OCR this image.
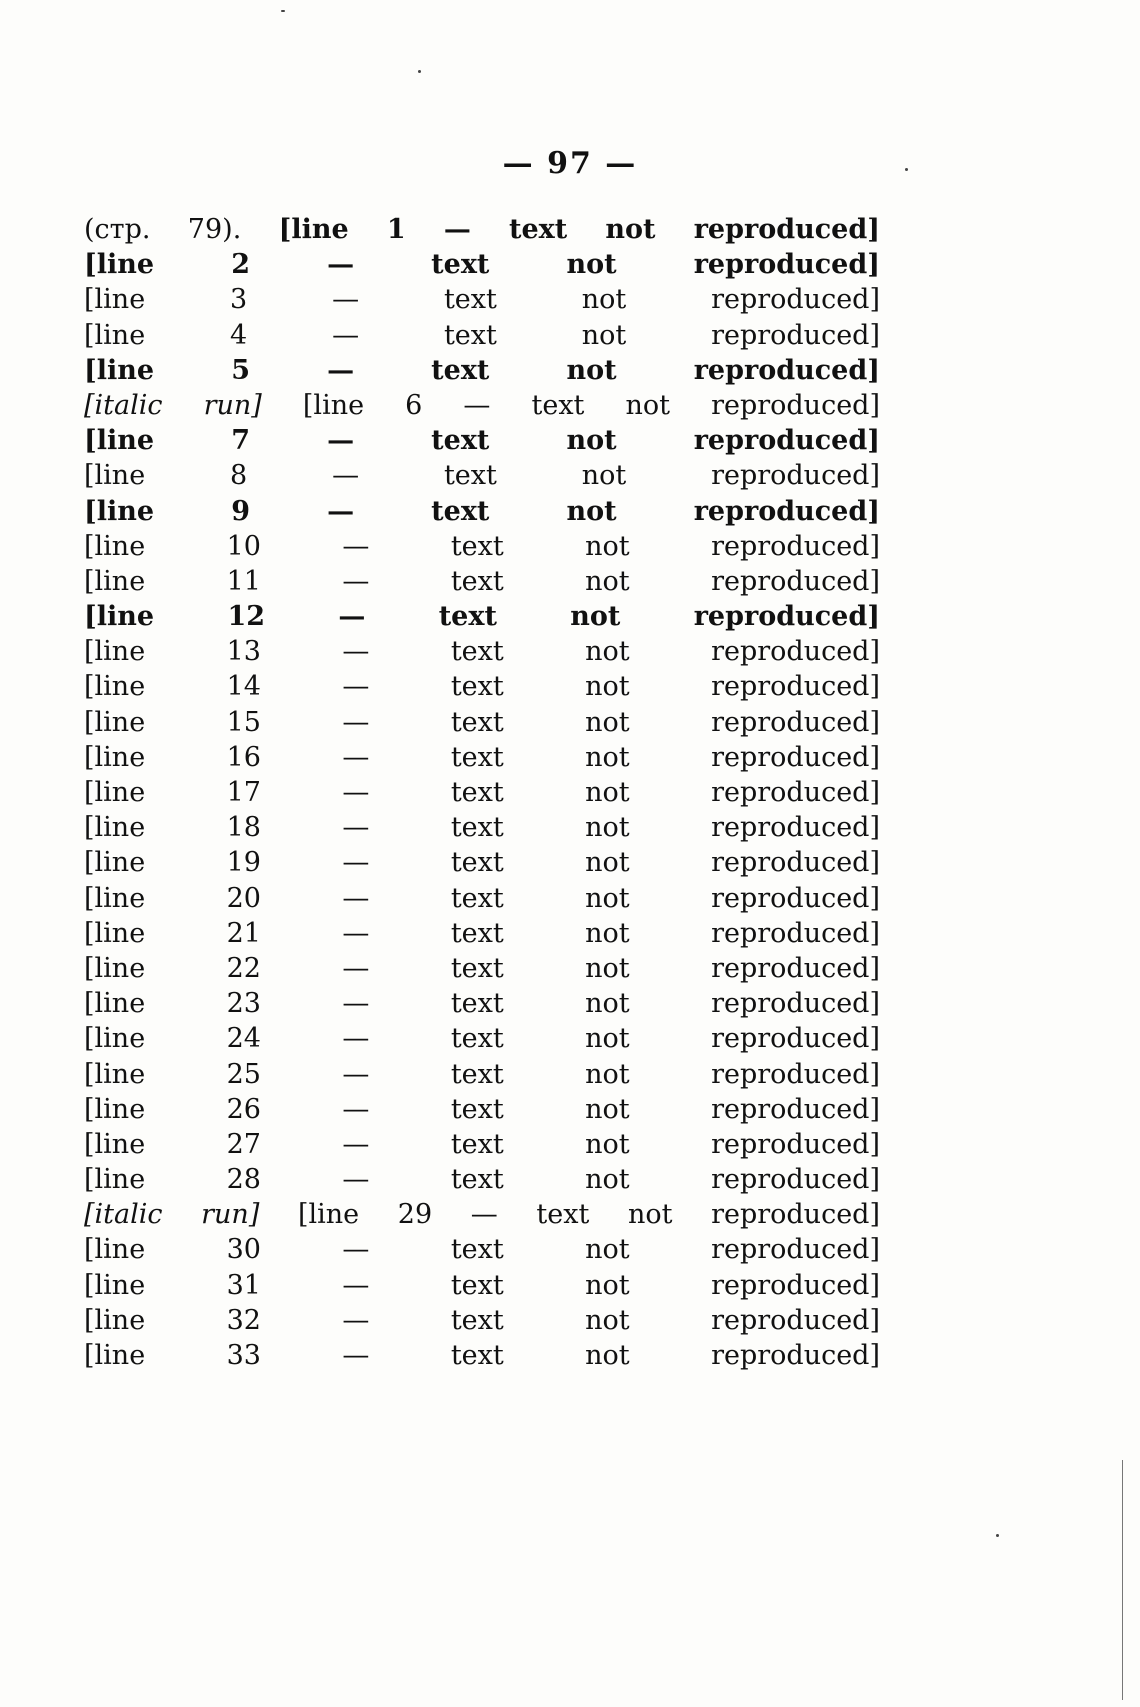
— 97 —
(стр. 79). [line 1 — text not reproduced]
[line 2 — text not reproduced]
[line 3 — text not reproduced]
[line 4 — text not reproduced]
[line 5 — text not reproduced]
[italic run] [line 6 — text not reproduced]
[line 7 — text not reproduced]
[line 8 — text not reproduced]
[line 9 — text not reproduced]
[line 10 — text not reproduced]
[line 11 — text not reproduced]
[line 12 — text not reproduced]
[line 13 — text not reproduced]
[line 14 — text not reproduced]
[line 15 — text not reproduced]
[line 16 — text not reproduced]
[line 17 — text not reproduced]
[line 18 — text not reproduced]
[line 19 — text not reproduced]
[line 20 — text not reproduced]
[line 21 — text not reproduced]
[line 22 — text not reproduced]
[line 23 — text not reproduced]
[line 24 — text not reproduced]
[line 25 — text not reproduced]
[line 26 — text not reproduced]
[line 27 — text not reproduced]
[line 28 — text not reproduced]
[italic run] [line 29 — text not reproduced]
[line 30 — text not reproduced]
[line 31 — text not reproduced]
[line 32 — text not reproduced]
[line 33 — text not reproduced]
